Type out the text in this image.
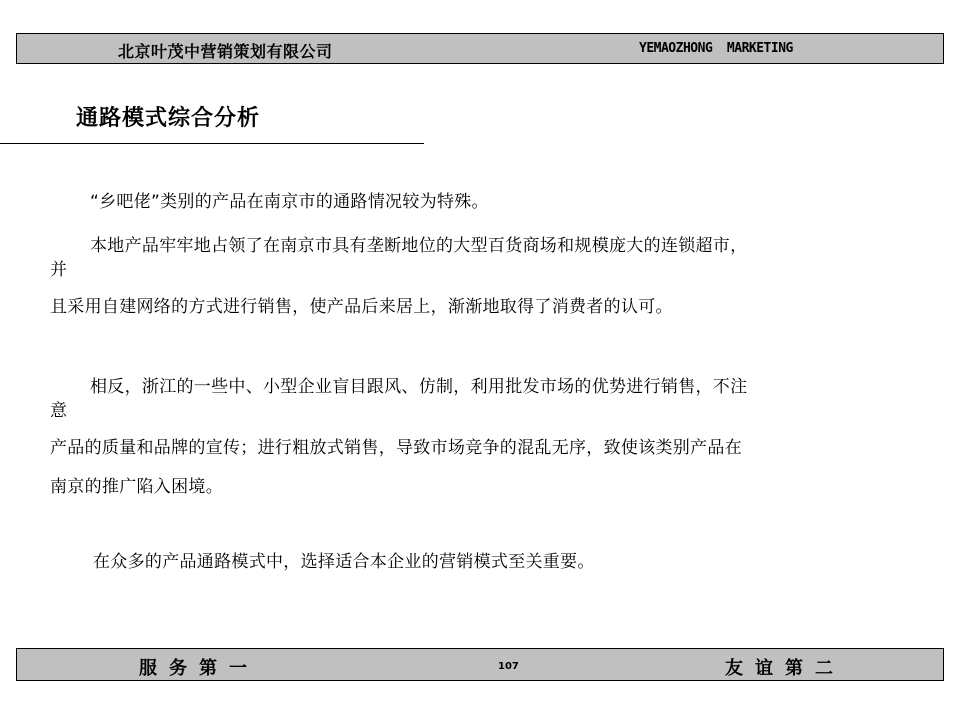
北京叶茂中营销策划有限公司	YEMAOZHONG  MARKETING
通路模式综合分析
“乡吧佬”类别的产品在南京市的通路情况较为特殊。
本地产品牢牢地占领了在南京市具有垄断地位的大型百货商场和规模庞大的连锁超市，
并
且采用自建网络的方式进行销售，使产品后来居上，渐渐地取得了消费者的认可。
相反，浙江的一些中、小型企业盲目跟风、仿制，利用批发市场的优势进行销售，不注
意
产品的质量和品牌的宣传；进行粗放式销售，导致市场竞争的混乱无序，致使该类别产品在
南京的推广陷入困境。
在众多的产品通路模式中，选择适合本企业的营销模式至关重要。
服务第一	107	友谊第二
